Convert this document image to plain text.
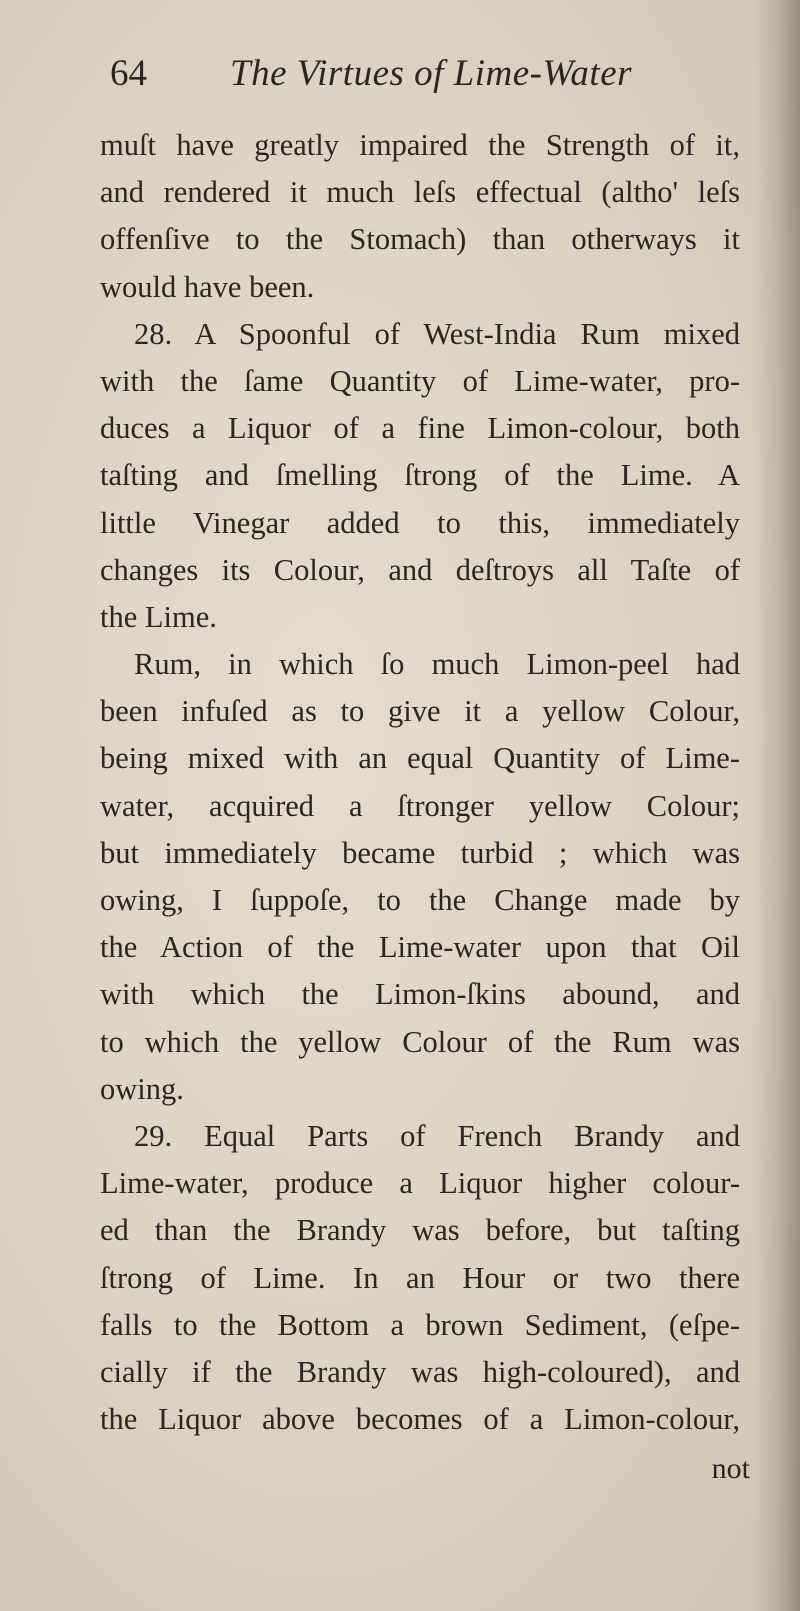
64 The Virtues of Lime-Water
muſt have greatly impaired the Strength of it,
and rendered it much leſs effectual (altho' leſs
offenſive to the Stomach) than otherways it
would have been.
28. A Spoonful of West-India Rum mixed
with the ſame Quantity of Lime-water, pro-
duces a Liquor of a fine Limon-colour, both
taſting and ſmelling ſtrong of the Lime. A
little Vinegar added to this, immediately
changes its Colour, and deſtroys all Taſte of
the Lime.
Rum, in which ſo much Limon-peel had
been infuſed as to give it a yellow Colour,
being mixed with an equal Quantity of Lime-
water, acquired a ſtronger yellow Colour;
but immediately became turbid ; which was
owing, I ſuppoſe, to the Change made by
the Action of the Lime-water upon that Oil
with which the Limon-ſkins abound, and
to which the yellow Colour of the Rum was
owing.
29. Equal Parts of French Brandy and
Lime-water, produce a Liquor higher colour-
ed than the Brandy was before, but taſting
ſtrong of Lime. In an Hour or two there
falls to the Bottom a brown Sediment, (eſpe-
cially if the Brandy was high-coloured), and
the Liquor above becomes of a Limon-colour,
not
